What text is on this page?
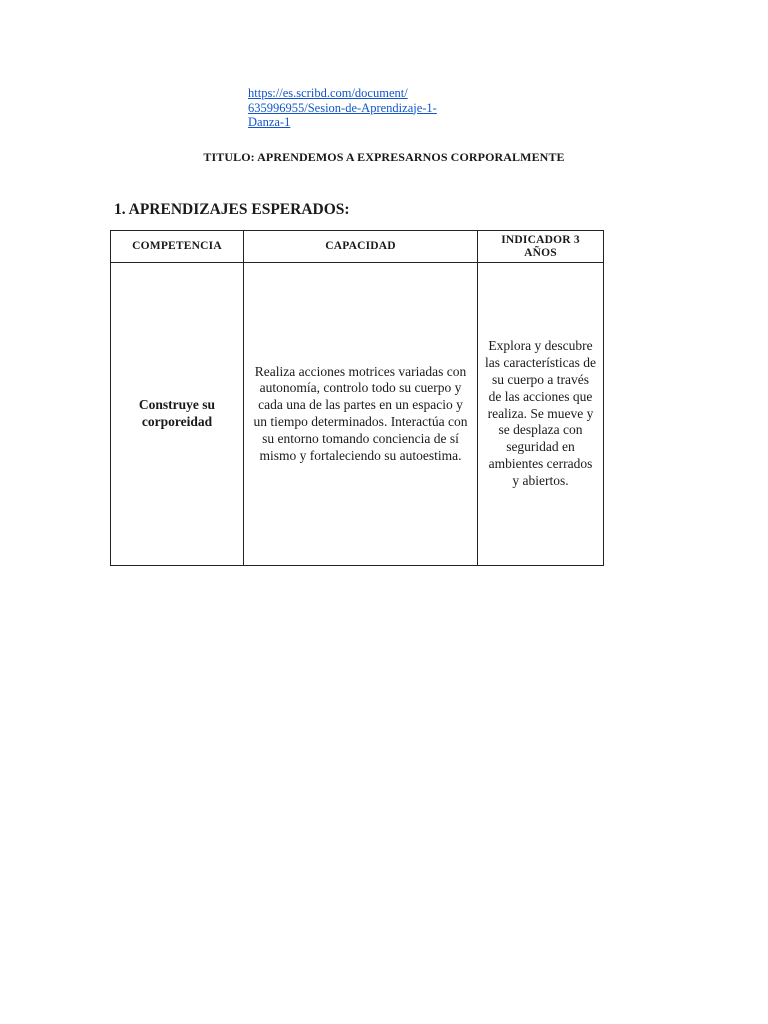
https://es.scribd.com/document/
635996955/Sesion-de-Aprendizaje-1-
Danza-1
TITULO: APRENDEMOS A EXPRESARNOS CORPORALMENTE
1. APRENDIZAJES ESPERADOS:
COMPETENCIA	CAPACIDAD	INDICADOR 3 AÑOS
Construye su corporeidad	Realiza acciones motrices variadas con autonomía, controlo todo su cuerpo y cada una de las partes en un espacio y un tiempo determinados. Interactúa con su entorno tomando conciencia de sí mismo y fortaleciendo su autoestima.	Explora y descubre las características de su cuerpo a través de las acciones que realiza. Se mueve y se desplaza con seguridad en ambientes cerrados y abiertos.
